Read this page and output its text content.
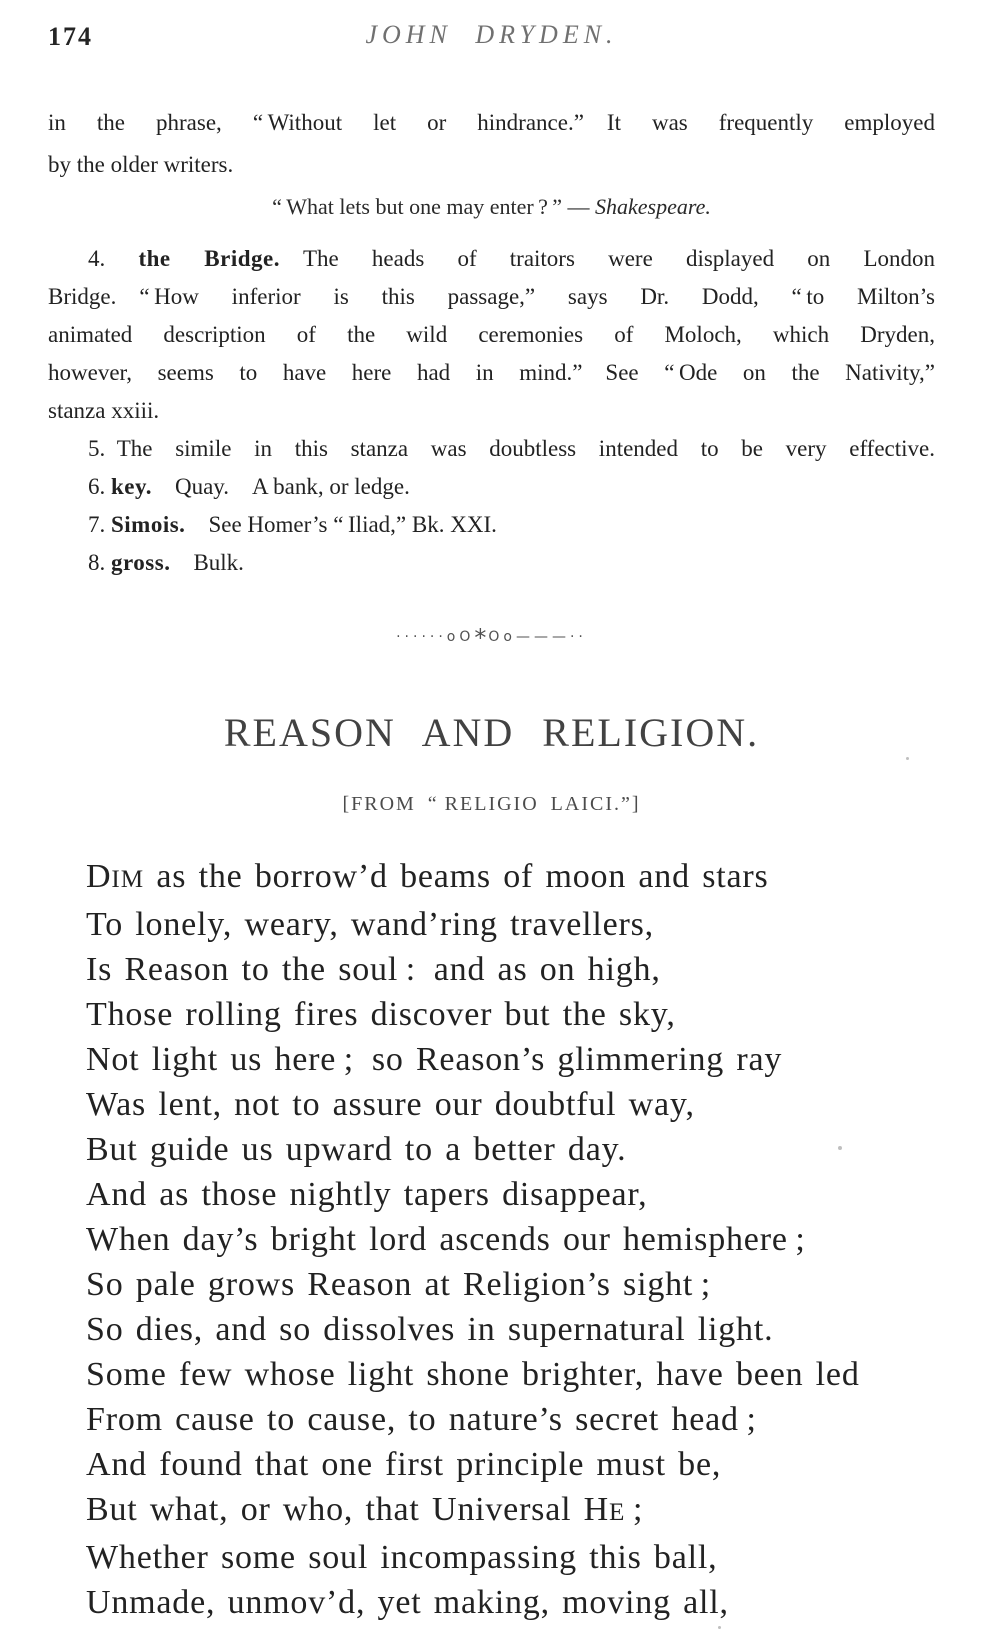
174	JOHN DRYDEN.
in the phrase, “ Without let or hindrance.” It was frequently employed
by the older writers.
“ What lets but one may enter ? ” — Shakespeare.
4. the Bridge. The heads of traitors were displayed on London
Bridge. “ How inferior is this passage,” says Dr. Dodd, “ to Milton’s
animated description of the wild ceremonies of Moloch, which Dryden,
however, seems to have here had in mind.” See “ Ode on the Nativity,”
stanza xxiii.
5. The simile in this stanza was doubtless intended to be very effective.
6. key. Quay. A bank, or ledge.
7. Simois. See Homer’s “ Iliad,” Bk. XXI.
8. gross. Bulk.
······oO*Oo———··
REASON AND RELIGION.
[FROM “ RELIGIO LAICI.”]
DIM as the borrow’d beams of moon and stars
To lonely, weary, wand’ring travellers,
Is Reason to the soul : and as on high,
Those rolling fires discover but the sky,
Not light us here ; so Reason’s glimmering ray
Was lent, not to assure our doubtful way,
But guide us upward to a better day.
And as those nightly tapers disappear,
When day’s bright lord ascends our hemisphere ;
So pale grows Reason at Religion’s sight ;
So dies, and so dissolves in supernatural light.
Some few whose light shone brighter, have been led
From cause to cause, to nature’s secret head ;
And found that one first principle must be,
But what, or who, that Universal HE ;
Whether some soul incompassing this ball,
Unmade, unmov’d, yet making, moving all,
